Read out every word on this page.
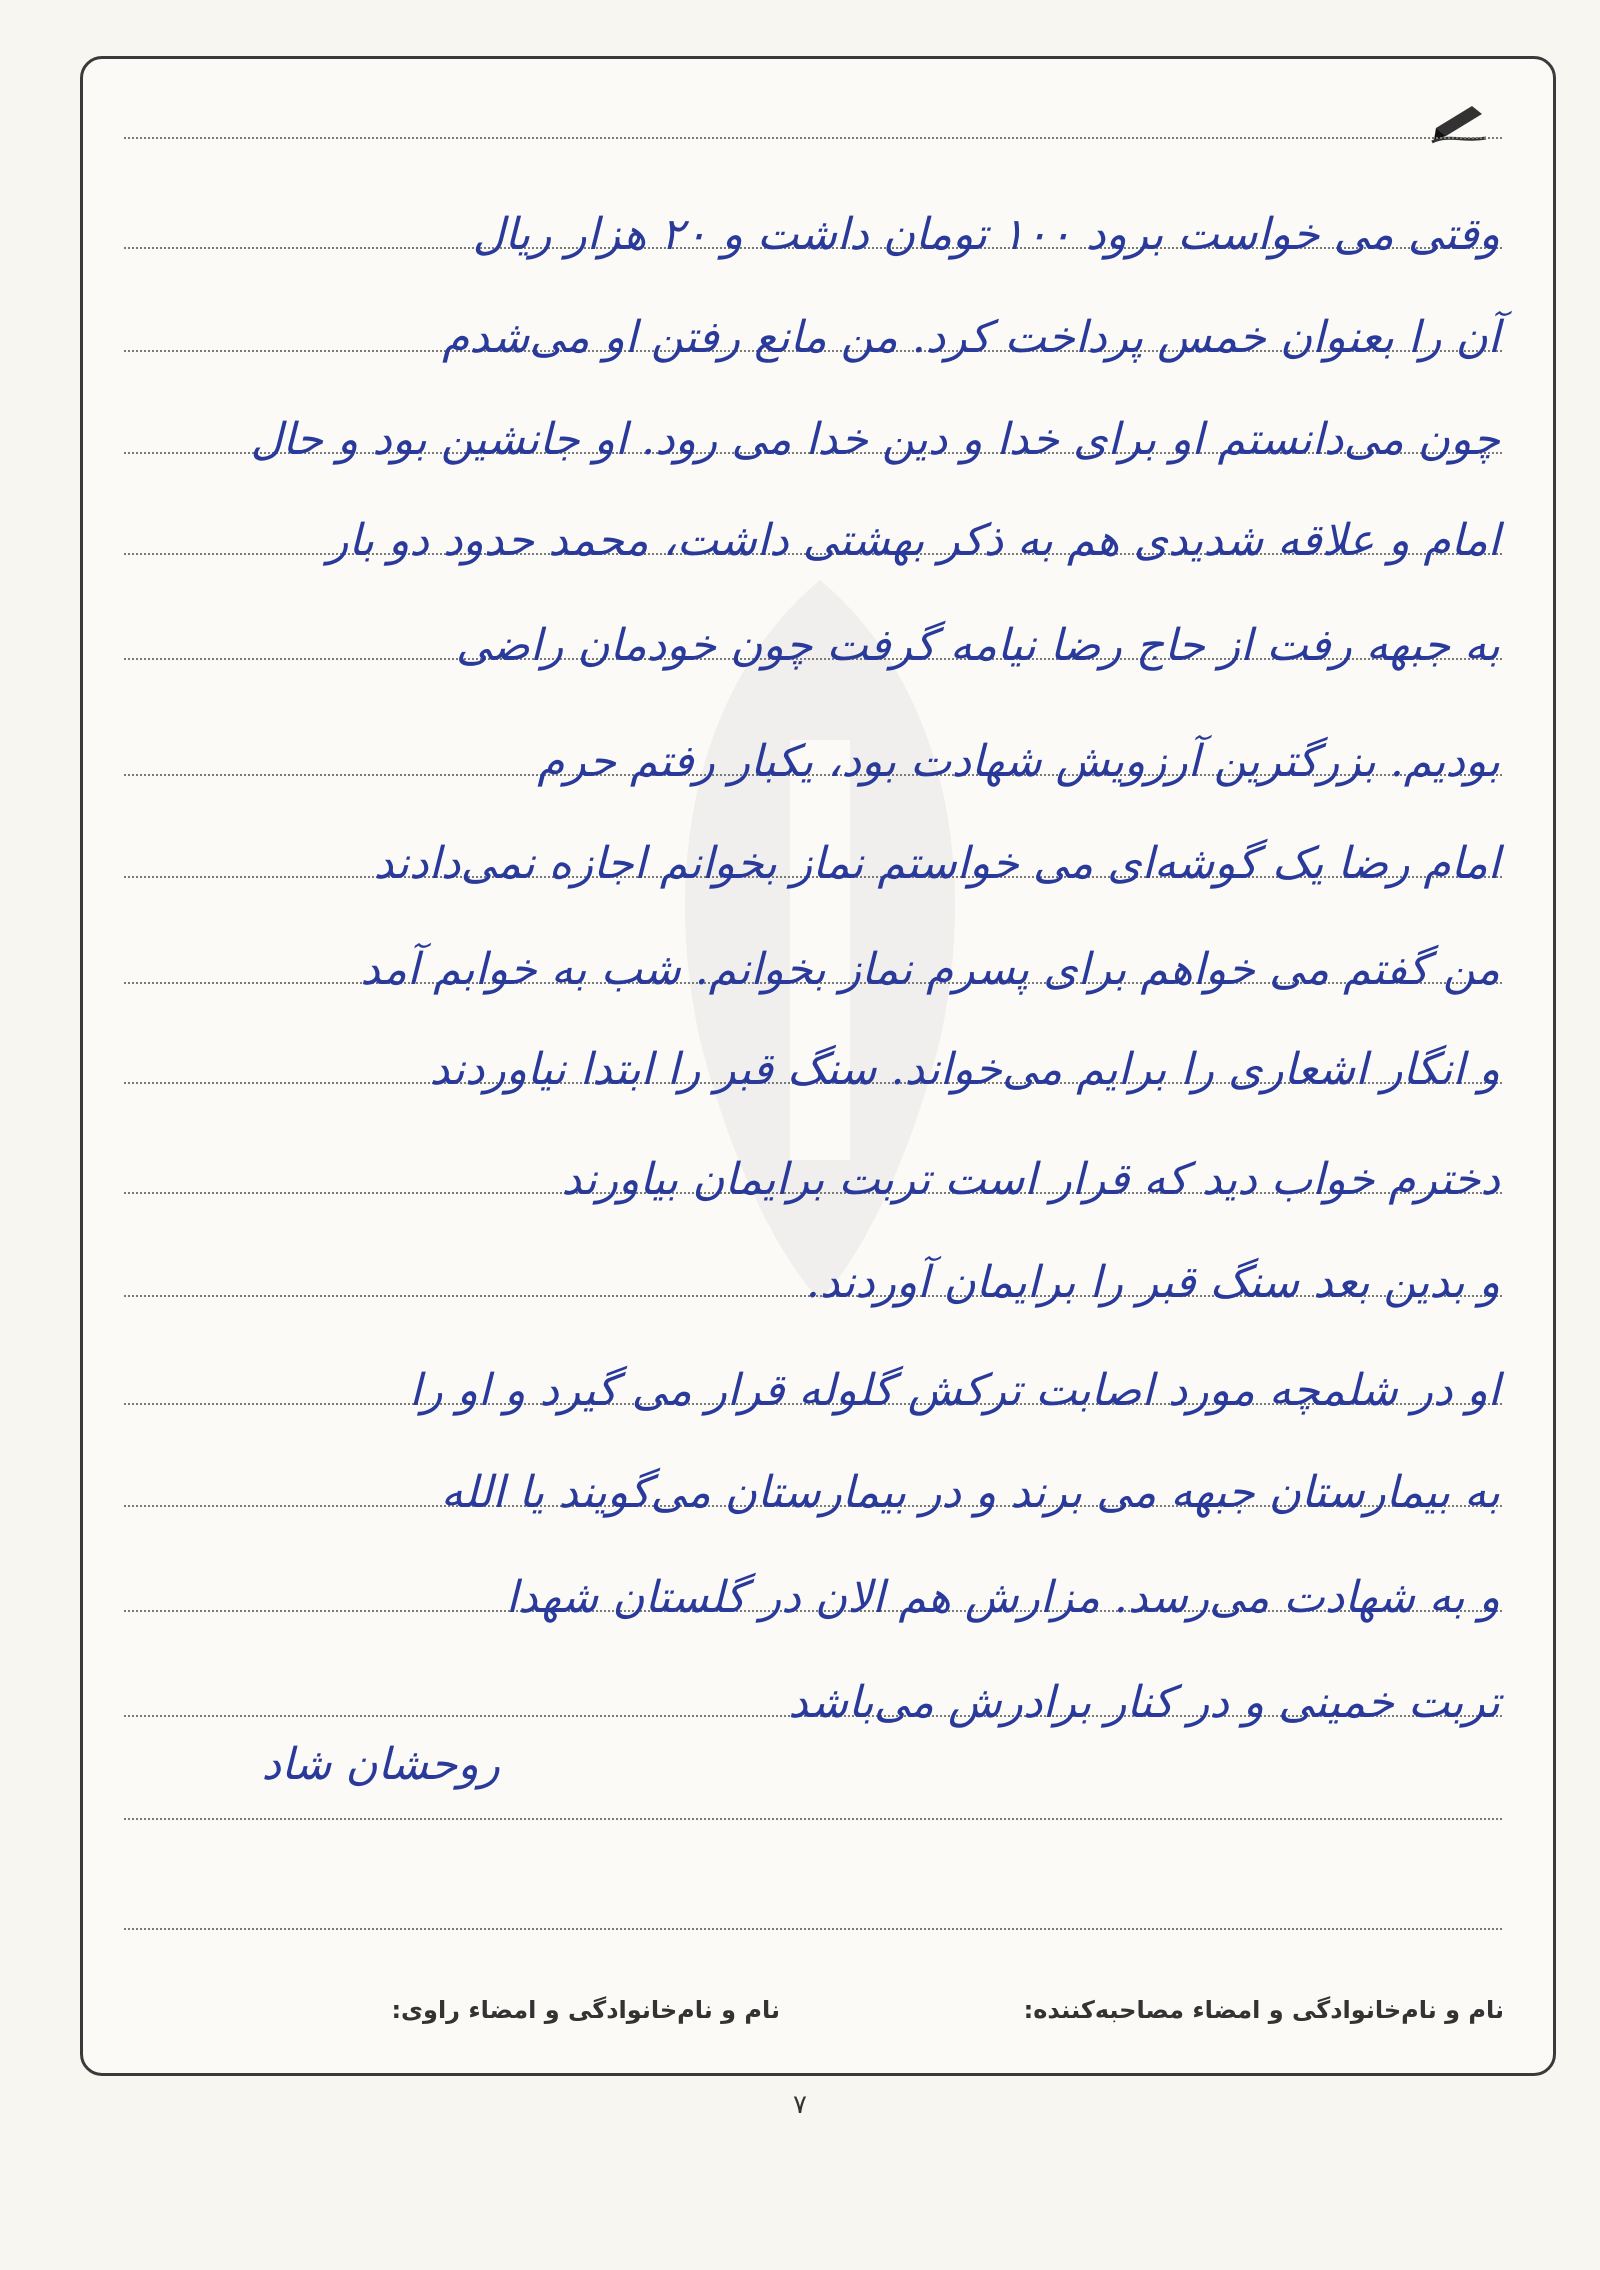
وقتی می خواست برود ۱۰۰ تومان داشت و ۲۰ هزار ریال
آن را بعنوان خمس پرداخت کرد. من مانع رفتن او می‌شدم
چون می‌دانستم او برای خدا و دین خدا می رود. او جانشین بود و حال
امام و علاقه شدیدی هم به ذکر بهشتی داشت، محمد حدود دو بار
به جبهه رفت از حاج رضا نیامه گرفت چون خودمان راضی
بودیم. بزرگترین آرزویش شهادت بود، یکبار رفتم حرم
امام رضا یک گوشه‌ای می خواستم نماز بخوانم اجازه نمی‌دادند
من گفتم می خواهم برای پسرم نماز بخوانم. شب به خوابم آمد
و انگار اشعاری را برایم می‌خواند. سنگ قبر را ابتدا نیاوردند
دخترم خواب دید که قرار است تربت برایمان بیاورند
و بدین بعد سنگ قبر را برایمان آوردند.
او در شلمچه مورد اصابت ترکش گلوله قرار می گیرد و او را
به بیمارستان جبهه می برند و در بیمارستان می‌گویند یا الله
و به شهادت می‌رسد. مزارش هم الان در گلستان شهدا
تربت خمینی و در کنار برادرش می‌باشد
روحشان شاد
نام و نام‌خانوادگی و امضاء مصاحبه‌کننده:
نام و نام‌خانوادگی و امضاء راوی:
۷
